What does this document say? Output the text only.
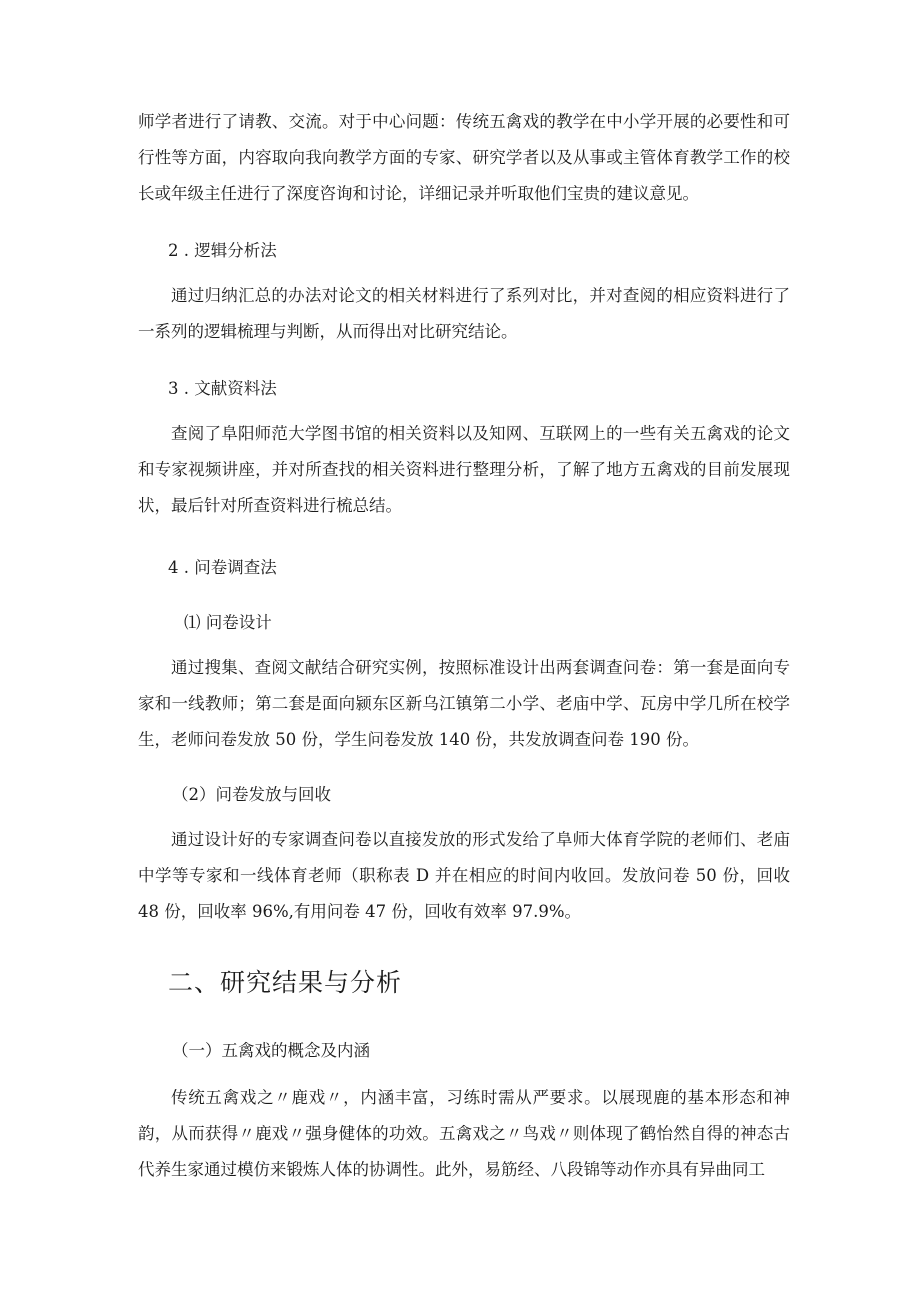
师学者进行了请教、交流。对于中心问题：传统五禽戏的教学在中小学开展的必要性和可行性等方面，内容取向我向教学方面的专家、研究学者以及从事或主管体育教学工作的校长或年级主任进行了深度咨询和讨论，详细记录并听取他们宝贵的建议意见。

2 . 逻辑分析法

通过归纳汇总的办法对论文的相关材料进行了系列对比，并对查阅的相应资料进行了一系列的逻辑梳理与判断，从而得出对比研究结论。

3 . 文献资料法

查阅了阜阳师范大学图书馆的相关资料以及知网、互联网上的一些有关五禽戏的论文和专家视频讲座，并对所查找的相关资料进行整理分析，了解了地方五禽戏的目前发展现状，最后针对所查资料进行梳总结。

4 . 问卷调查法

⑴ 问卷设计

通过搜集、查阅文献结合研究实例，按照标准设计出两套调查问卷：第一套是面向专家和一线教师；第二套是面向颍东区新乌江镇第二小学、老庙中学、瓦房中学几所在校学生，老师问卷发放 50 份，学生问卷发放 140 份，共发放调查问卷 190 份。

（2）问卷发放与回收

通过设计好的专家调查问卷以直接发放的形式发给了阜师大体育学院的老师们、老庙中学等专家和一线体育老师（职称表 D 并在相应的时间内收回。发放问卷 50 份，回收 48 份，回收率 96%,有用问卷 47 份，回收有效率 97.9%。

二、研究结果与分析

（一）五禽戏的概念及内涵

传统五禽戏之〃鹿戏〃，内涵丰富，习练时需从严要求。以展现鹿的基本形态和神韵，从而获得〃鹿戏〃强身健体的功效。五禽戏之〃鸟戏〃则体现了鹤怡然自得的神态古代养生家通过模仿来锻炼人体的协调性。此外，易筋经、八段锦等动作亦具有异曲同工
